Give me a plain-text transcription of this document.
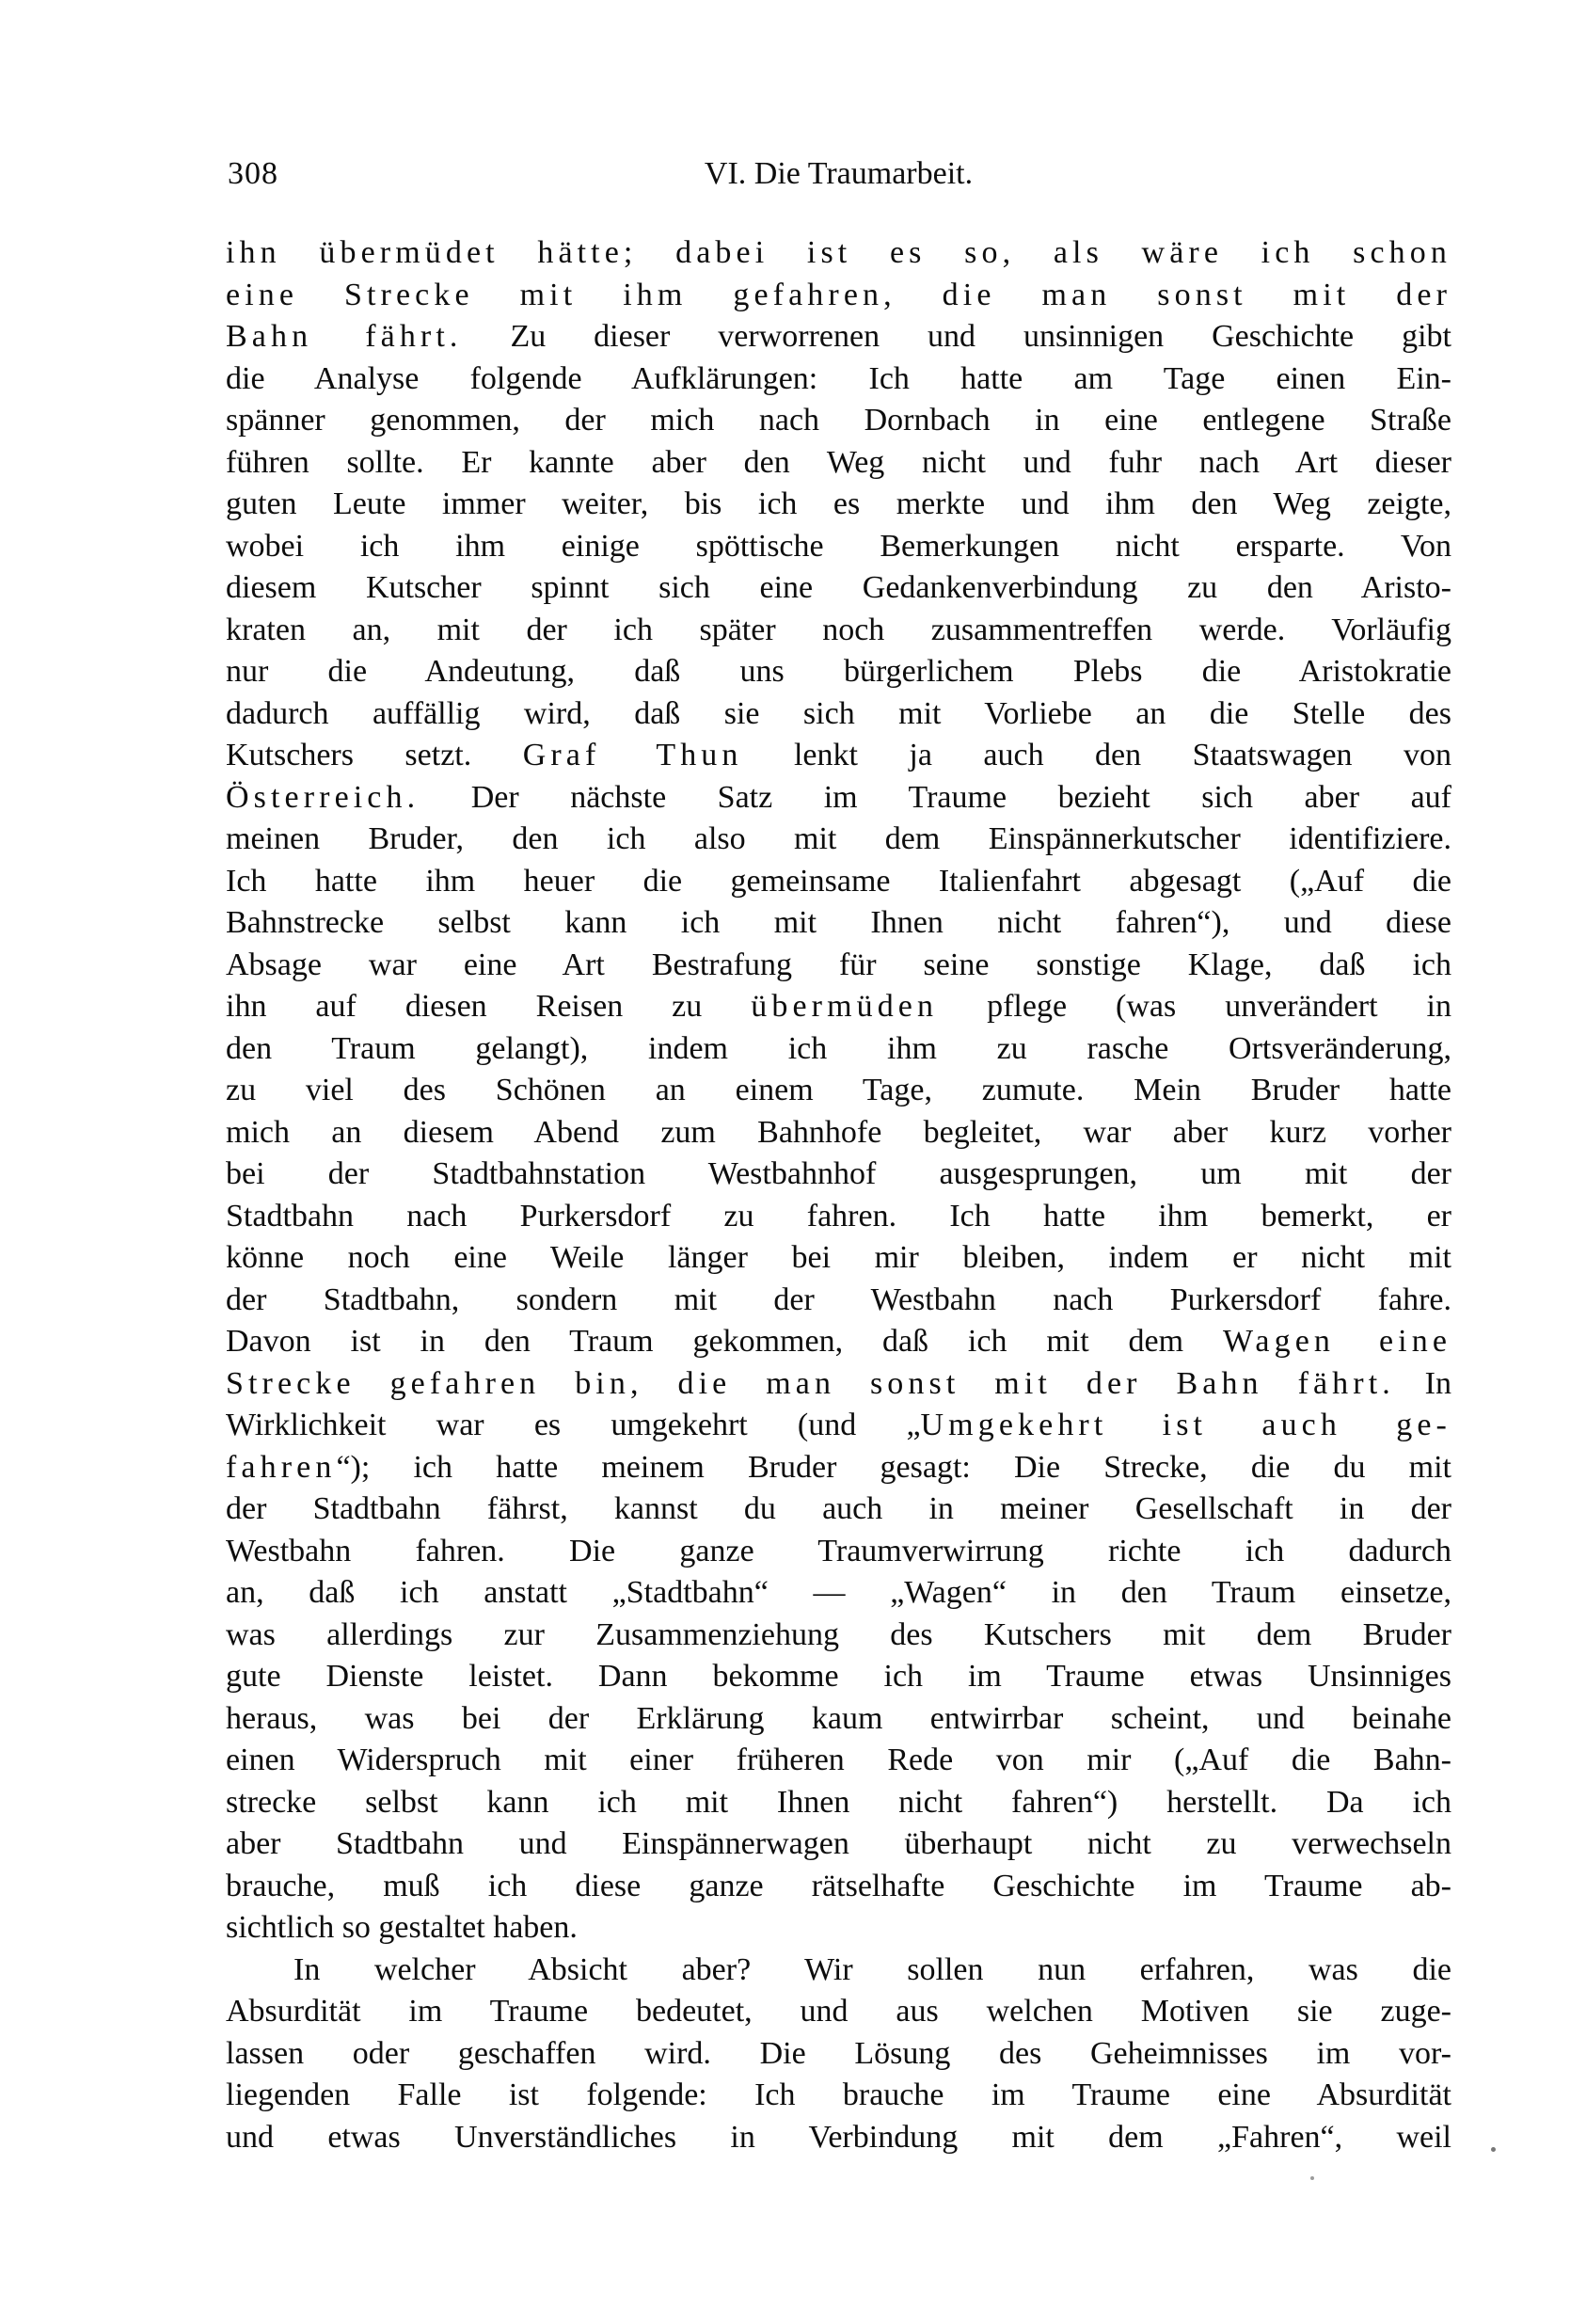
308	VI. Die Traumarbeit.
ihn übermüdet hätte; dabei ist es so, als wäre ich schon
eine Strecke mit ihm gefahren, die man sonst mit der
Bahn fährt. Zu dieser verworrenen und unsinnigen Geschichte gibt
die Analyse folgende Aufklärungen: Ich hatte am Tage einen Ein-
spänner genommen, der mich nach Dornbach in eine entlegene Straße
führen sollte. Er kannte aber den Weg nicht und fuhr nach Art dieser
guten Leute immer weiter, bis ich es merkte und ihm den Weg zeigte,
wobei ich ihm einige spöttische Bemerkungen nicht ersparte. Von
diesem Kutscher spinnt sich eine Gedankenverbindung zu den Aristo-
kraten an, mit der ich später noch zusammentreffen werde. Vorläufig
nur die Andeutung, daß uns bürgerlichem Plebs die Aristokratie
dadurch auffällig wird, daß sie sich mit Vorliebe an die Stelle des
Kutschers setzt. Graf Thun lenkt ja auch den Staatswagen von
Österreich. Der nächste Satz im Traume bezieht sich aber auf
meinen Bruder, den ich also mit dem Einspännerkutscher identifiziere.
Ich hatte ihm heuer die gemeinsame Italienfahrt abgesagt („Auf die
Bahnstrecke selbst kann ich mit Ihnen nicht fahren“), und diese
Absage war eine Art Bestrafung für seine sonstige Klage, daß ich
ihn auf diesen Reisen zu übermüden pflege (was unverändert in
den Traum gelangt), indem ich ihm zu rasche Ortsveränderung,
zu viel des Schönen an einem Tage, zumute. Mein Bruder hatte
mich an diesem Abend zum Bahnhofe begleitet, war aber kurz vorher
bei der Stadtbahnstation Westbahnhof ausgesprungen, um mit der
Stadtbahn nach Purkersdorf zu fahren. Ich hatte ihm bemerkt, er
könne noch eine Weile länger bei mir bleiben, indem er nicht mit
der Stadtbahn, sondern mit der Westbahn nach Purkersdorf fahre.
Davon ist in den Traum gekommen, daß ich mit dem Wagen eine
Strecke gefahren bin, die man sonst mit der Bahn fährt. In
Wirklichkeit war es umgekehrt (und „Umgekehrt ist auch ge-
fahren“); ich hatte meinem Bruder gesagt: Die Strecke, die du mit
der Stadtbahn fährst, kannst du auch in meiner Gesellschaft in der
Westbahn fahren. Die ganze Traumverwirrung richte ich dadurch
an, daß ich anstatt „Stadtbahn“ — „Wagen“ in den Traum einsetze,
was allerdings zur Zusammenziehung des Kutschers mit dem Bruder
gute Dienste leistet. Dann bekomme ich im Traume etwas Unsinniges
heraus, was bei der Erklärung kaum entwirrbar scheint, und beinahe
einen Widerspruch mit einer früheren Rede von mir („Auf die Bahn-
strecke selbst kann ich mit Ihnen nicht fahren“) herstellt. Da ich
aber Stadtbahn und Einspännerwagen überhaupt nicht zu verwechseln
brauche, muß ich diese ganze rätselhafte Geschichte im Traume ab-
sichtlich so gestaltet haben.
In welcher Absicht aber? Wir sollen nun erfahren, was die
Absurdität im Traume bedeutet, und aus welchen Motiven sie zuge-
lassen oder geschaffen wird. Die Lösung des Geheimnisses im vor-
liegenden Falle ist folgende: Ich brauche im Traume eine Absurdität
und etwas Unverständliches in Verbindung mit dem „Fahren“, weil
